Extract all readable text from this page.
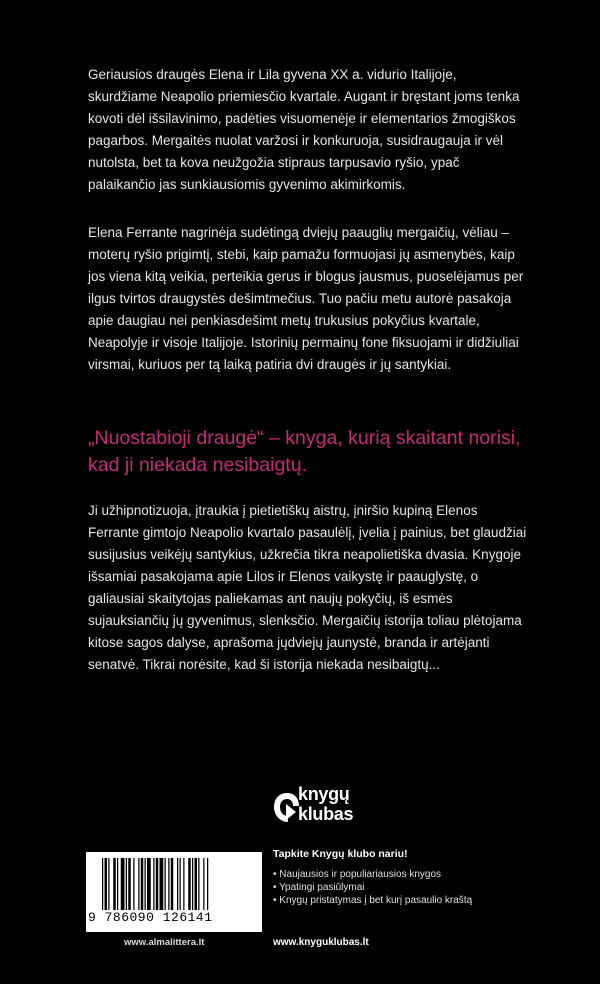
Geriausios draugės Elena ir Lila gyvena XX a. vidurio Italijoje, skurdžiame Neapolio priemiesčio kvartale. Augant ir bręstant joms tenka kovoti dėl išsilavinimo, padėties visuomenėje ir elementarios žmogiškos pagarbos. Mergaitės nuolat varžosi ir konkuruoja, susidraugauja ir vėl nutolsta, bet ta kova neužgožia stipraus tarpusavio ryšio, ypač palaikančio jas sunkiausiomis gyvenimo akimirkomis.

Elena Ferrante nagrinėja sudėtingą dviejų paauglių mergaičių, vėliau – moterų ryšio prigimtį, stebi, kaip pamažu formuojasi jų asmenybės, kaip jos viena kitą veikia, perteikia gerus ir blogus jausmus, puoselėjamus per ilgus tvirtos draugystės dešimtmečius. Tuo pačiu metu autorė pasakoja apie daugiau nei penkiasdešimt metų trukusius pokyčius kvartale, Neapolyje ir visoje Italijoje. Istorinių permainų fone fiksuojami ir didžiuliai virsmai, kuriuos per tą laiką patiria dvi draugės ir jų santykiai.

„Nuostabioji draugė“ – knyga, kurią skaitant norisi, kad ji niekada nesibaigtų.

Ji užhipnotizuoja, įtraukia į pietietiškų aistrų, įniršio kupiną Elenos Ferrante gimtojo Neapolio kvartalo pasaulėlį, įvelia į painius, bet glaudžiai susijusius veikėjų santykius, užkrečia tikra neapolietiška dvasia. Knygoje išsamiai pasakojama apie Lilos ir Elenos vaikystę ir paauglystę, o galiausiai skaitytojas paliekamas ant naujų pokyčių, iš esmės sujauksiančių jų gyvenimus, slenksčio. Mergaičių istorija toliau plėtojama kitose sagos dalyse, aprašoma jųdviejų jaunystė, branda ir artėjanti senatvė. Tikrai norėsite, kad ši istorija niekada nesibaigtų...

knygų
klubas
9 786090 126141
www.almalittera.lt

Tapkite Knygų klubo nariu!

• Naujausios ir populiariausios knygos
• Ypatingi pasiūlymai
• Knygų pristatymas į bet kurį pasaulio kraštą
www.knyguklubas.lt
